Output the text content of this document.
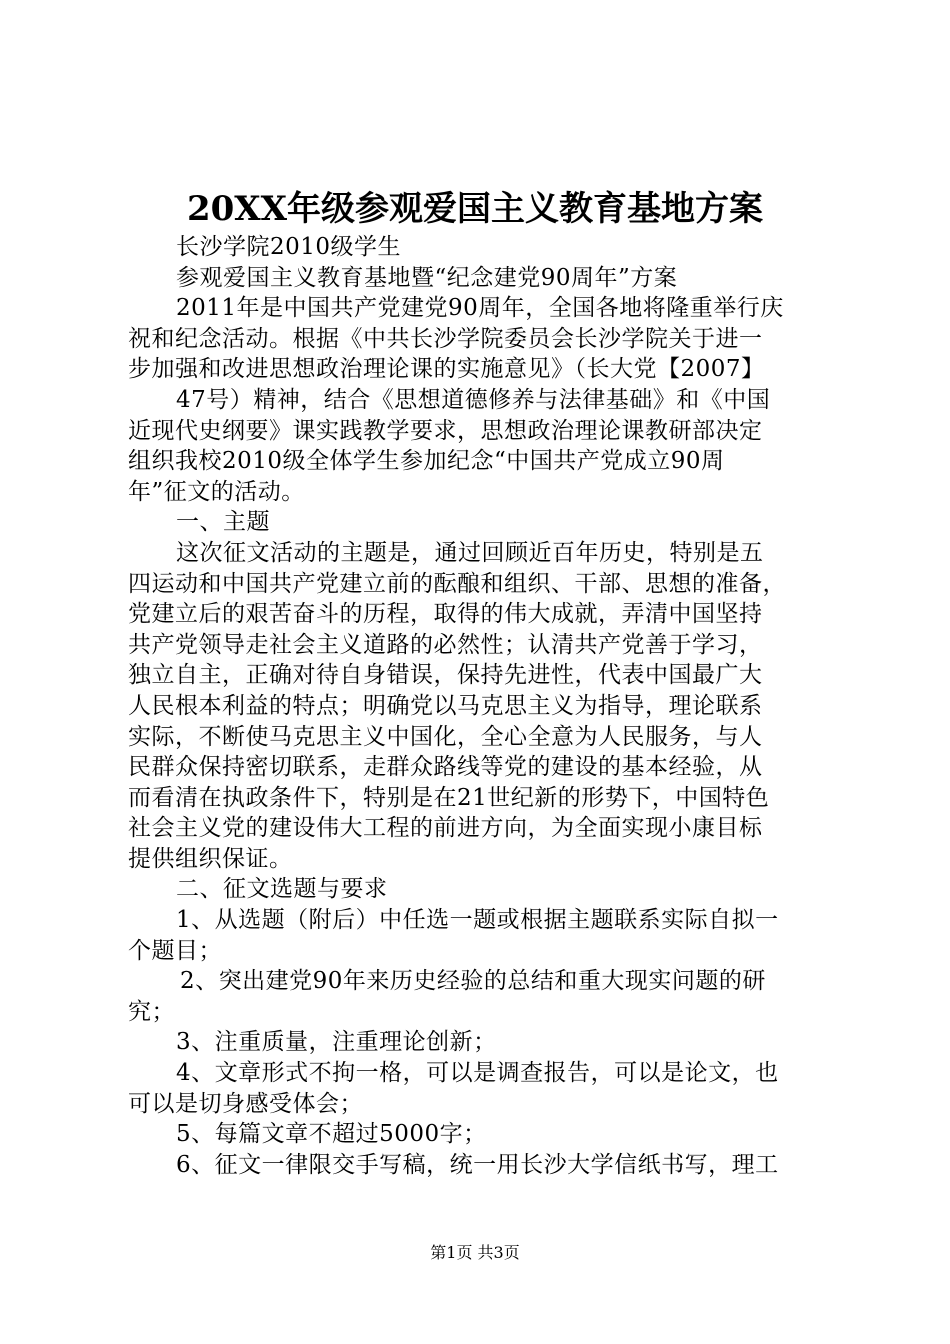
20XX年级参观爱国主义教育基地方案
长沙学院2010级学生
参观爱国主义教育基地暨“纪念建党90周年”方案
2011年是中国共产党建党90周年，全国各地将隆重举行庆
祝和纪念活动。根据《中共长沙学院委员会长沙学院关于进一
步加强和改进思想政治理论课的实施意见》（长大党【2007】
47号）精神，结合《思想道德修养与法律基础》和《中国
近现代史纲要》课实践教学要求，思想政治理论课教研部决定
组织我校2010级全体学生参加纪念“中国共产党成立90周
年”征文的活动。
一、主题
这次征文活动的主题是，通过回顾近百年历史，特别是五
四运动和中国共产党建立前的酝酿和组织、干部、思想的准备，
党建立后的艰苦奋斗的历程，取得的伟大成就，弄清中国坚持
共产党领导走社会主义道路的必然性；认清共产党善于学习，
独立自主，正确对待自身错误，保持先进性，代表中国最广大
人民根本利益的特点；明确党以马克思主义为指导，理论联系
实际，不断使马克思主义中国化，全心全意为人民服务，与人
民群众保持密切联系，走群众路线等党的建设的基本经验，从
而看清在执政条件下，特别是在21世纪新的形势下，中国特色
社会主义党的建设伟大工程的前进方向，为全面实现小康目标
提供组织保证。
二、征文选题与要求
1、从选题（附后）中任选一题或根据主题联系实际自拟一
个题目；
2、突出建党90年来历史经验的总结和重大现实问题的研
究；
3、注重质量，注重理论创新；
4、文章形式不拘一格，可以是调查报告，可以是论文，也
可以是切身感受体会；
5、每篇文章不超过5000字；
6、征文一律限交手写稿，统一用长沙大学信纸书写，理工
第1页 共3页
